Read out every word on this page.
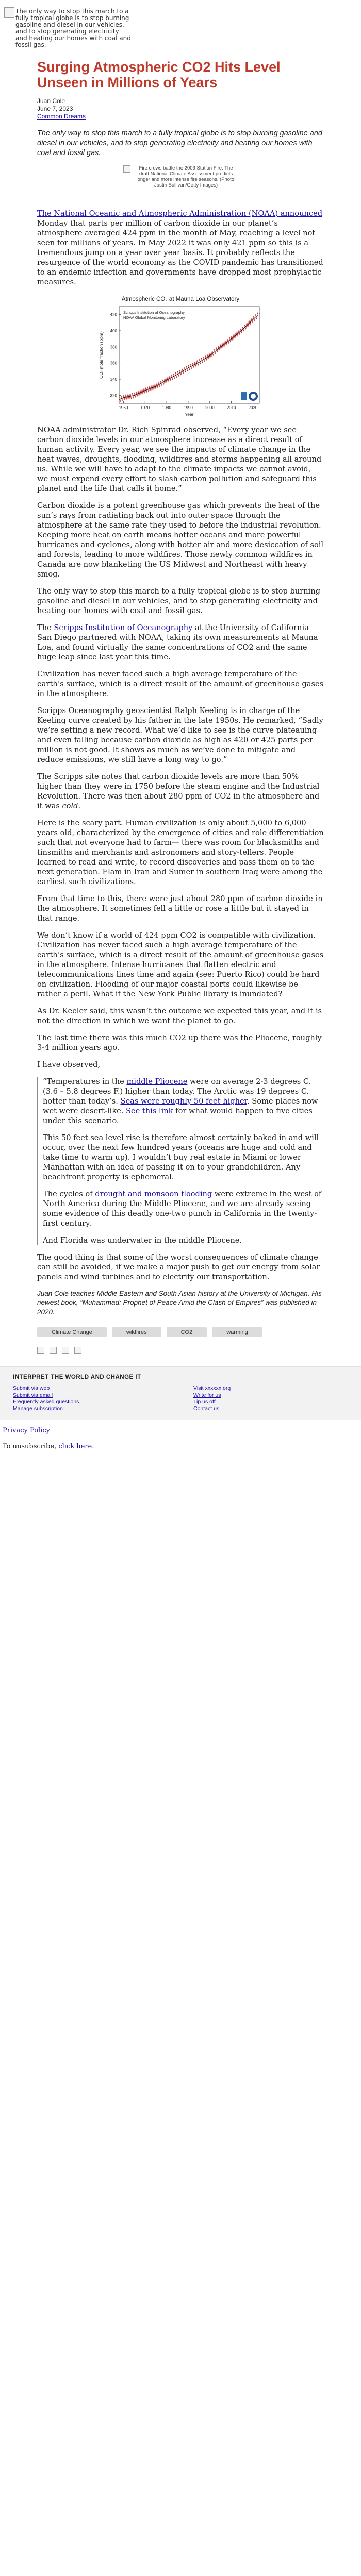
The only way to stop this march to a fully tropical globe is to stop burning gasoline and diesel in our vehicles, and to stop generating electricity and heating our homes with coal and fossil gas.
Surging Atmospheric CO2 Hits Level Unseen in Millions of Years
Juan Cole
June 7, 2023
Common Dreams
The only way to stop this march to a fully tropical globe is to stop burning gasoline and diesel in our vehicles, and to stop generating electricity and heating our homes with coal and fossil gas.
Fire crews battle the 2009 Station Fire. The draft National Climate Assessment predicts longer and more intense fire seasons. (Photo: Justin Sullivan/Getty Images)

The National Oceanic and Atmospheric Administration (NOAA) announced Monday that parts per million of carbon dioxide in our planet’s atmosphere averaged 424 ppm in the month of May, reaching a level not seen for millions of years. In May 2022 it was only 421 ppm so this is a tremendous jump on a year over year basis. It probably reflects the resurgence of the world economy as the COVID pandemic has transitioned to an endemic infection and governments have dropped most prophylactic measures.

Atmospheric CO₂ at Mauna Loa Observatory
320
340
360
380
400
420
1960	1970	1980	1990	2000	2010	2020
Year
CO₂ mole fraction (ppm)
Scripps Institution of Oceanography
NOAA Global Monitoring Laboratory

NOAA administrator Dr. Rich Spinrad observed, “Every year we see carbon dioxide levels in our atmosphere increase as a direct result of human activity. Every year, we see the impacts of climate change in the heat waves, droughts, flooding, wildfires and storms happening all around us. While we will have to adapt to the climate impacts we cannot avoid, we must expend every effort to slash carbon pollution and safeguard this planet and the life that calls it home.”

Carbon dioxide is a potent greenhouse gas which prevents the heat of the sun’s rays from radiating back out into outer space through the atmosphere at the same rate they used to before the industrial revolution. Keeping more heat on earth means hotter oceans and more powerful hurricanes and cyclones, along with hotter air and more desiccation of soil and forests, leading to more wildfires. Those newly common wildfires in Canada are now blanketing the US Midwest and Northeast with heavy smog.

The only way to stop this march to a fully tropical globe is to stop burning gasoline and diesel in our vehicles, and to stop generating electricity and heating our homes with coal and fossil gas.

The Scripps Institution of Oceanography at the University of California San Diego partnered with NOAA, taking its own measurements at Mauna Loa, and found virtually the same concentrations of CO2 and the same huge leap since last year this time.

Civilization has never faced such a high average temperature of the earth’s surface, which is a direct result of the amount of greenhouse gases in the atmosphere.

Scripps Oceanography geoscientist Ralph Keeling is in charge of the Keeling curve created by his father in the late 1950s. He remarked, “Sadly we’re setting a new record. What we’d like to see is the curve plateauing and even falling because carbon dioxide as high as 420 or 425 parts per million is not good. It shows as much as we’ve done to mitigate and reduce emissions, we still have a long way to go.”

The Scripps site notes that carbon dioxide levels are more than 50% higher than they were in 1750 before the steam engine and the Industrial Revolution. There was then about 280 ppm of CO2 in the atmosphere and it was cold.

Here is the scary part. Human civilization is only about 5,000 to 6,000 years old, characterized by the emergence of cities and role differentiation such that not everyone had to farm— there was room for blacksmiths and tinsmiths and merchants and astronomers and story-tellers. People learned to read and write, to record discoveries and pass them on to the next generation. Elam in Iran and Sumer in southern Iraq were among the earliest such civilizations.

From that time to this, there were just about 280 ppm of carbon dioxide in the atmosphere. It sometimes fell a little or rose a little but it stayed in that range.

We don’t know if a world of 424 ppm CO2 is compatible with civilization. Civilization has never faced such a high average temperature of the earth’s surface, which is a direct result of the amount of greenhouse gases in the atmosphere. Intense hurricanes that flatten electric and telecommunications lines time and again (see: Puerto Rico) could be hard on civilization. Flooding of our major coastal ports could likewise be rather a peril. What if the New York Public library is inundated?

As Dr. Keeler said, this wasn’t the outcome we expected this year, and it is not the direction in which we want the planet to go.

The last time there was this much CO2 up there was the Pliocene, roughly 3-4 million years ago.

I have observed,

“Temperatures in the middle Pliocene were on average 2-3 degrees C. (3.6 – 5.8 degrees F.) higher than today. The Arctic was 19 degrees C. hotter than today’s. Seas were roughly 50 feet higher. Some places now wet were desert-like. See this link for what would happen to five cities under this scenario.

This 50 feet sea level rise is therefore almost certainly baked in and will occur, over the next few hundred years (oceans are huge and cold and take time to warm up). I wouldn’t buy real estate in Miami or lower Manhattan with an idea of passing it on to your grandchildren. Any beachfront property is ephemeral.

The cycles of drought and monsoon flooding were extreme in the west of North America during the Middle Pliocene, and we are already seeing some evidence of this deadly one-two punch in California in the twenty-first century.

And Florida was underwater in the middle Pliocene.

The good thing is that some of the worst consequences of climate change can still be avoided, if we make a major push to get our energy from solar panels and wind turbines and to electrify our transportation.

Juan Cole teaches Middle Eastern and South Asian history at the University of Michigan. His newest book, “Muhammad: Prophet of Peace Amid the Clash of Empires” was published in 2020.
Climate Change	wildfires	CO2	warming
INTERPRET THE WORLD AND CHANGE IT
Submit via web
Submit via email
Frequently asked questions
Manage subscription
Visit xxxxxx.org
Write for us
Tip us off
Contact us

Privacy Policy

To unsubscribe, click here.
